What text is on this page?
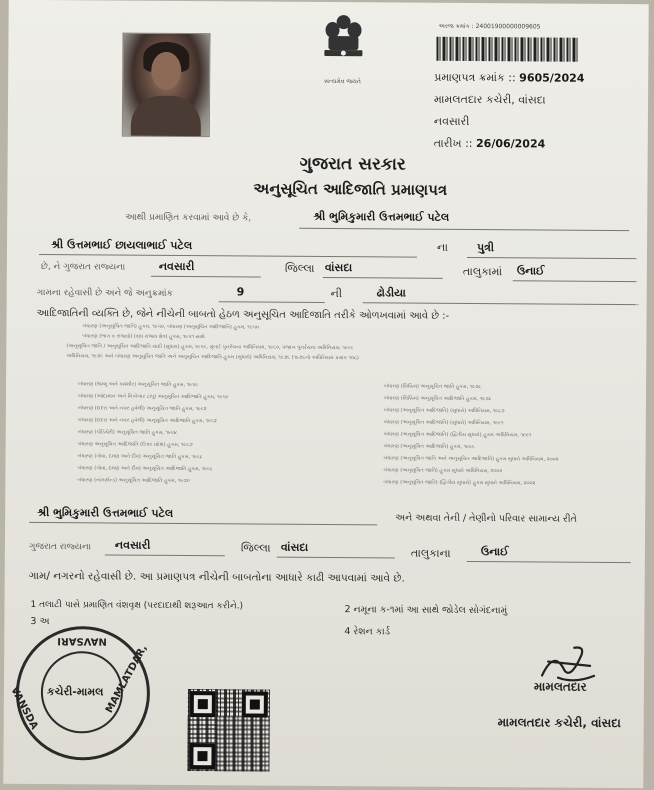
સત્યમેવ જયતે
અરજ ક્રમાંક : 24001900000009605
પ્રમાણપત્ર ક્રમાંક :: 9605/2024
મામલતદાર કચેરી, વાંસદા
નવસારી
તારીખ :: 26/06/2024
ગુજરાત સરકાર
અનુસૂચિત આદિજાતિ પ્રમાણપત્ર
આથી પ્રમાણિત કરવામાં આવે છે કે,	શ્રી ભુમિકુમારી ઉત્તમભાઈ પટેલ
શ્રી ઉત્તમભાઈ છાયલાભાઈ પટેલ	ના	પુત્રી
છે, ને ગુજરાત રાજ્યના	નવસારી	જિલ્લા વાંસદા	તાલુકામાં ઉનાઈ
ગામના રહેવાસી છે અને જે અનુક્રમાંક	9	ની	ઢોડીયા
આદિજાતિની વ્યક્તિ છે, જેને નીચેની બાબતો હેઠળ અનુસૂચિત આદિજાતિ તરીકે ઓળખવામાં આવે છે :-
બંધારણ (અનુસૂચિત જાતિ) હુકમ, ૧૯૫૦, બંધારણ (અનુસૂચિત આદિજાતિ) હુકમ, ૧૯૫૦
બંધારણ (ભાગ ક રાજ્યો) (સંઘ રાજ્ય ક્ષેત્ર) હુકમ, ૧૯૫૧ સાથે
(અનુસૂચિત જાતિ / અનુસૂચિત આદિજાતિ યાદી (સુધારા) હુકમ, ૧૯૫૬, મુંબઈ પુનર્રચના અધિનિયમ, ૧૯૬૦, પંજાબ પુનર્રચના અધિનિયમ, ૧૯૬૬
અધિનિયમ, ૧૯૭૬ અને બંધારણ અનુસૂચિત જાતિ અને અનુસૂચિત આદિજાતિ હુકમ (સુધારો) અધિનિયમ, ૧૯૭૬ (૧૯૭૬નો અધિનિયમ ક્રમાંક ૧૦૮)
બંધારણ (જમ્મુ અને કાશ્મીર) અનુસૂચિત જાતિ હુકમ, ૧૯૫૬
બંધારણ (આંદામાન અને નિકોબાર ટાપુ) અનુસૂચિત આદિજાતિ હુકમ, ૧૯૫૯
બંધારણ (દાદરા અને નગર હવેલી) અનુસૂચિત જાતિ હુકમ, ૧૯૬૨
બંધારણ (દાદરા અને નગર હવેલી) અનુસૂચિત આદિજાતિ હુકમ, ૧૯૬૨
બંધારણ (પોંડિચેરી) અનુસૂચિત જાતિ હુકમ, ૧૯૬૪
બંધારણ અનુસૂચિત આદિજાતિ (ઉત્તર પ્રદેશ) હુકમ, ૧૯૬૭
બંધારણ (ગોવા, દમણ અને દીવ) અનુસૂચિત જાતિ હુકમ, ૧૯૬૮
બંધારણ (ગોવા, દમણ અને દીવ) અનુસૂચિત આદિજાતિ હુકમ, ૧૯૬૮
બંધારણ (નાગાલેન્ડ) અનુસૂચિત આદિજાતિ હુકમ, ૧૯૭૦
બંધારણ (સિક્કિમ) અનુસૂચિત જાતિ હુકમ, ૧૯૭૮
બંધારણ (સિક્કિમ) અનુસૂચિત આદિજાતિ હુકમ, ૧૯૭૮
બંધારણ (અનુસૂચિત આદિજાતિ) (સુધારો) અધિનિયમ, ૧૯૮૭
બંધારણ (અનુસૂચિત આદિજાતિ) (સુધારો) અધિનિયમ, ૧૯૯૧
બંધારણ (અનુસૂચિત આદિજાતિ) (દ્વિતીય સુધારો) હુકમ અધિનિયમ, ૧૯૯૧
બંધારણ (અનુસૂચિત આદિજાતિ) હુકમ, ૧૯૯૬
બંધારણ (અનુસૂચિત જાતિ અને અનુસૂચિત આદિજાતિ) હુકમ સુધારો અધિનિયમ, ૨૦૦૨
બંધારણ (અનુસૂચિત જાતિ) હુકમ સુધારો અધિનિયમ, ૨૦૦૨
બંધારણ (અનુસૂચિત જાતિ) (દ્વિતીય સુધારો) હુકમ સુધારો અધિનિયમ, ૨૦૦૨
શ્રી ભુમિકુમારી ઉત્તમભાઈ પટેલ	અને અથવા તેની / તેણીનો પરિવાર સામાન્ય રીતે
ગુજરાત રાજ્યના નવસારી	જિલ્લા વાંસદા	તાલુકાના	ઉનાઈ
ગામ/ નગરનો રહેવાસી છે. આ પ્રમાણપત્ર નીચેની બાબતોના આધારે કાઢી આપવામાં આવે છે.
1 તલાટી પાસે પ્રમાણિત વંશવૃક્ષ (પરદાદાથી શરૂઆત કરીને.)	2 નમૂના ક-૧માં આ સાથે જોડેલ સોગંદનામું
3 અ
4 રેશન કાર્ડ
NAVSARI
VANSDA	MAMLATDAR,
કચેરી-મામલ	મામલતદાર
મામલતદાર કચેરી, વાંસદા
